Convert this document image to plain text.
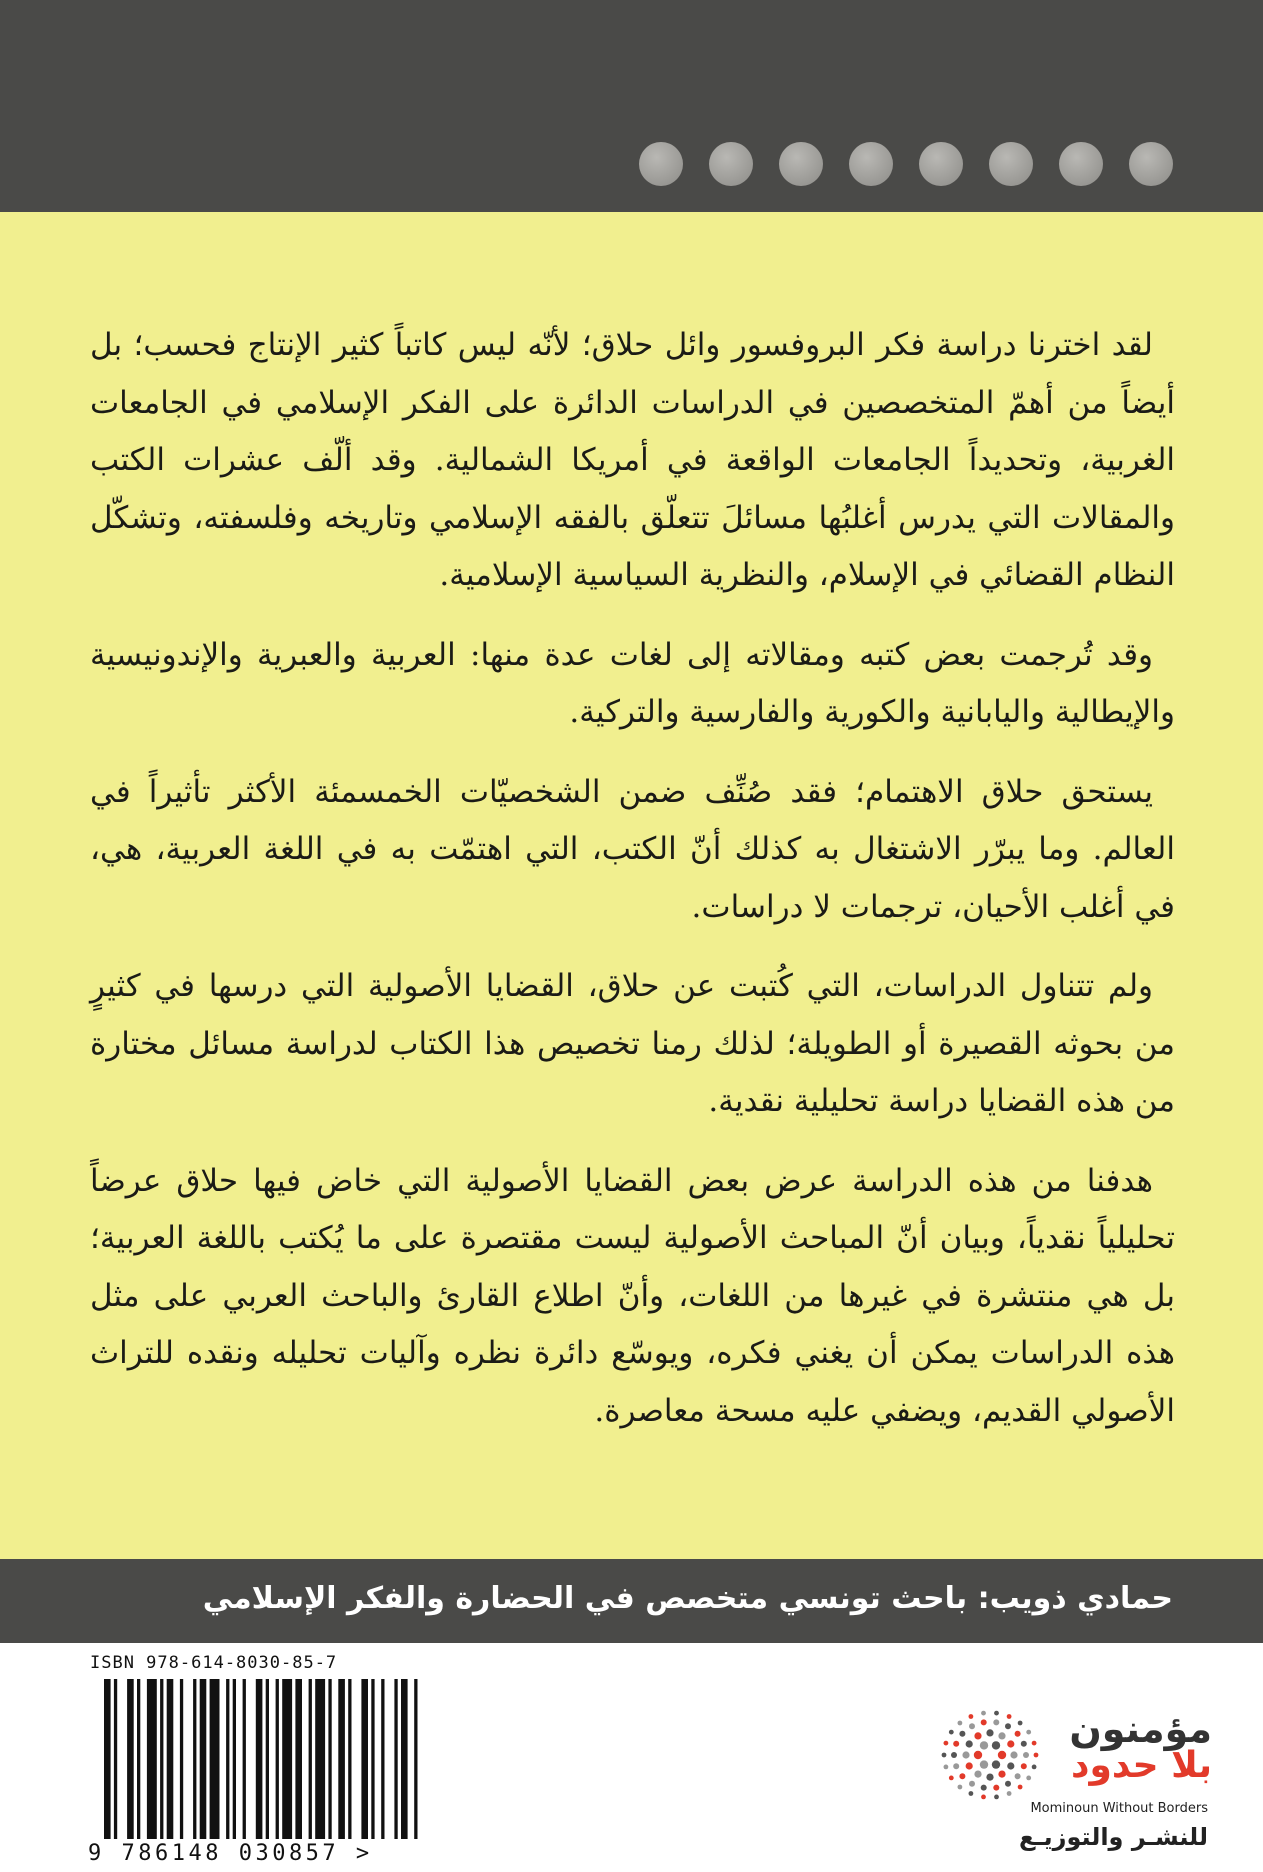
لقد اخترنا دراسة فكر البروفسور وائل حلاق؛ لأنّه ليس كاتباً كثير الإنتاج فحسب؛ بل أيضاً من أهمّ المتخصصين في الدراسات الدائرة على الفكر الإسلامي في الجامعات الغربية، وتحديداً الجامعات الواقعة في أمريكا الشمالية. وقد ألّف عشرات الكتب والمقالات التي يدرس أغلبُها مسائلَ تتعلّق بالفقه الإسلامي وتاريخه وفلسفته، وتشكّل النظام القضائي في الإسلام، والنظرية السياسية الإسلامية.

وقد تُرجمت بعض كتبه ومقالاته إلى لغات عدة منها: العربية والعبرية والإندونيسية والإيطالية واليابانية والكورية والفارسية والتركية.

يستحق حلاق الاهتمام؛ فقد صُنِّف ضمن الشخصيّات الخمسمئة الأكثر تأثيراً في العالم. وما يبرّر الاشتغال به كذلك أنّ الكتب، التي اهتمّت به في اللغة العربية، هي، في أغلب الأحيان، ترجمات لا دراسات.

ولم تتناول الدراسات، التي كُتبت عن حلاق، القضايا الأصولية التي درسها في كثيرٍ من بحوثه القصيرة أو الطويلة؛ لذلك رمنا تخصيص هذا الكتاب لدراسة مسائل مختارة من هذه القضايا دراسة تحليلية نقدية.

هدفنا من هذه الدراسة عرض بعض القضايا الأصولية التي خاض فيها حلاق عرضاً تحليلياً نقدياً، وبيان أنّ المباحث الأصولية ليست مقتصرة على ما يُكتب باللغة العربية؛ بل هي منتشرة في غيرها من اللغات، وأنّ اطلاع القارئ والباحث العربي على مثل هذه الدراسات يمكن أن يغني فكره، ويوسّع دائرة نظره وآليات تحليله ونقده للتراث الأصولي القديم، ويضفي عليه مسحة معاصرة.

حمادي ذويب: باحث تونسي متخصص في الحضارة والفكر الإسلامي
ISBN 978-614-8030-85-7
9 786148 030857 >
مؤمنون
بلا حدود
Mominoun Without Borders
للنشـر والتوزيـع
